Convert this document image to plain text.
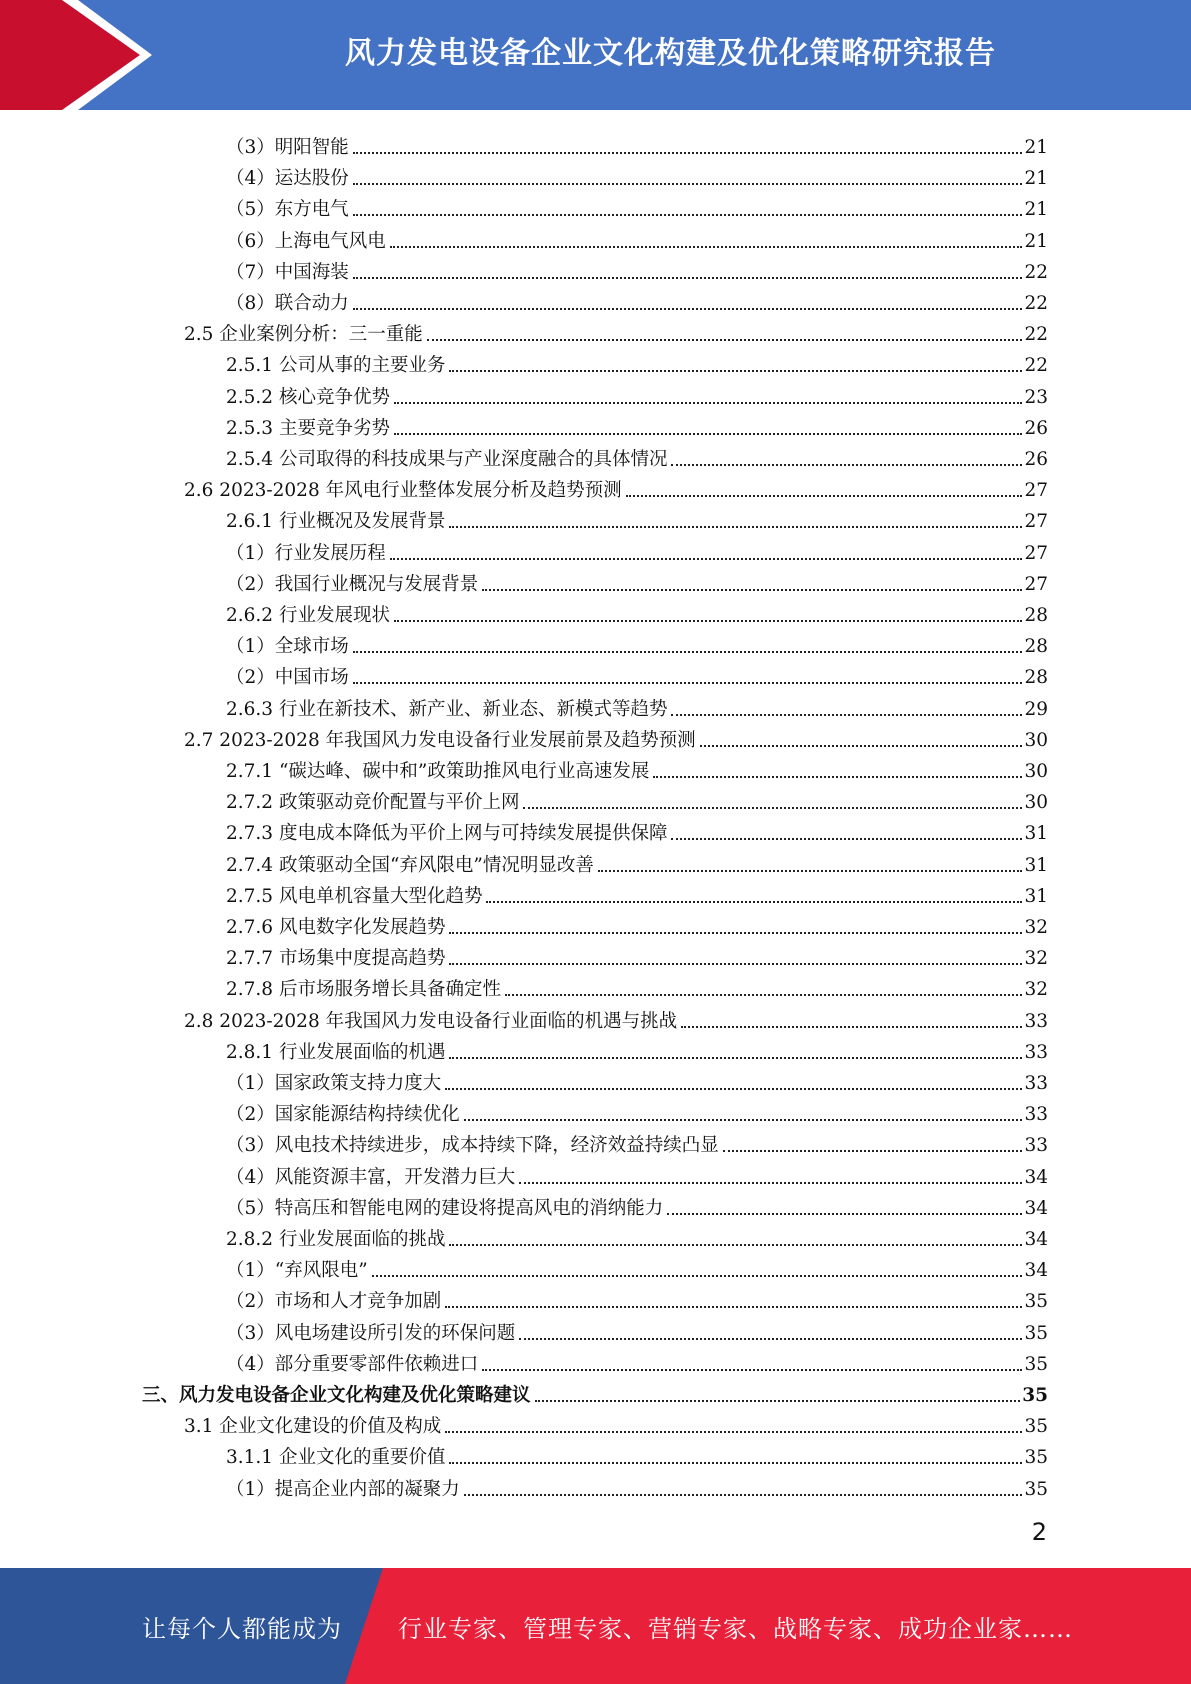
风力发电设备企业文化构建及优化策略研究报告
（3）明阳智能	21
（4）运达股份	21
（5）东方电气	21
（6）上海电气风电	21
（7）中国海装	22
（8）联合动力	22
2.5 企业案例分析：三一重能	22
2.5.1 公司从事的主要业务	22
2.5.2 核心竞争优势	23
2.5.3 主要竞争劣势	26
2.5.4 公司取得的科技成果与产业深度融合的具体情况	26
2.6 2023-2028 年风电行业整体发展分析及趋势预测	27
2.6.1 行业概况及发展背景	27
（1）行业发展历程	27
（2）我国行业概况与发展背景	27
2.6.2 行业发展现状	28
（1）全球市场	28
（2）中国市场	28
2.6.3 行业在新技术、新产业、新业态、新模式等趋势	29
2.7 2023-2028 年我国风力发电设备行业发展前景及趋势预测	30
2.7.1 “碳达峰、碳中和”政策助推风电行业高速发展	30
2.7.2 政策驱动竞价配置与平价上网	30
2.7.3 度电成本降低为平价上网与可持续发展提供保障	31
2.7.4 政策驱动全国“弃风限电”情况明显改善	31
2.7.5 风电单机容量大型化趋势	31
2.7.6 风电数字化发展趋势	32
2.7.7 市场集中度提高趋势	32
2.7.8 后市场服务增长具备确定性	32
2.8 2023-2028 年我国风力发电设备行业面临的机遇与挑战	33
2.8.1 行业发展面临的机遇	33
（1）国家政策支持力度大	33
（2）国家能源结构持续优化	33
（3）风电技术持续进步，成本持续下降，经济效益持续凸显	33
（4）风能资源丰富，开发潜力巨大	34
（5）特高压和智能电网的建设将提高风电的消纳能力	34
2.8.2 行业发展面临的挑战	34
（1）“弃风限电”	34
（2）市场和人才竞争加剧	35
（3）风电场建设所引发的环保问题	35
（4）部分重要零部件依赖进口	35
三、风力发电设备企业文化构建及优化策略建议	35
3.1 企业文化建设的价值及构成	35
3.1.1 企业文化的重要价值	35
（1）提高企业内部的凝聚力	35
2
让每个人都能成为 行业专家、管理专家、营销专家、战略专家、成功企业家……
